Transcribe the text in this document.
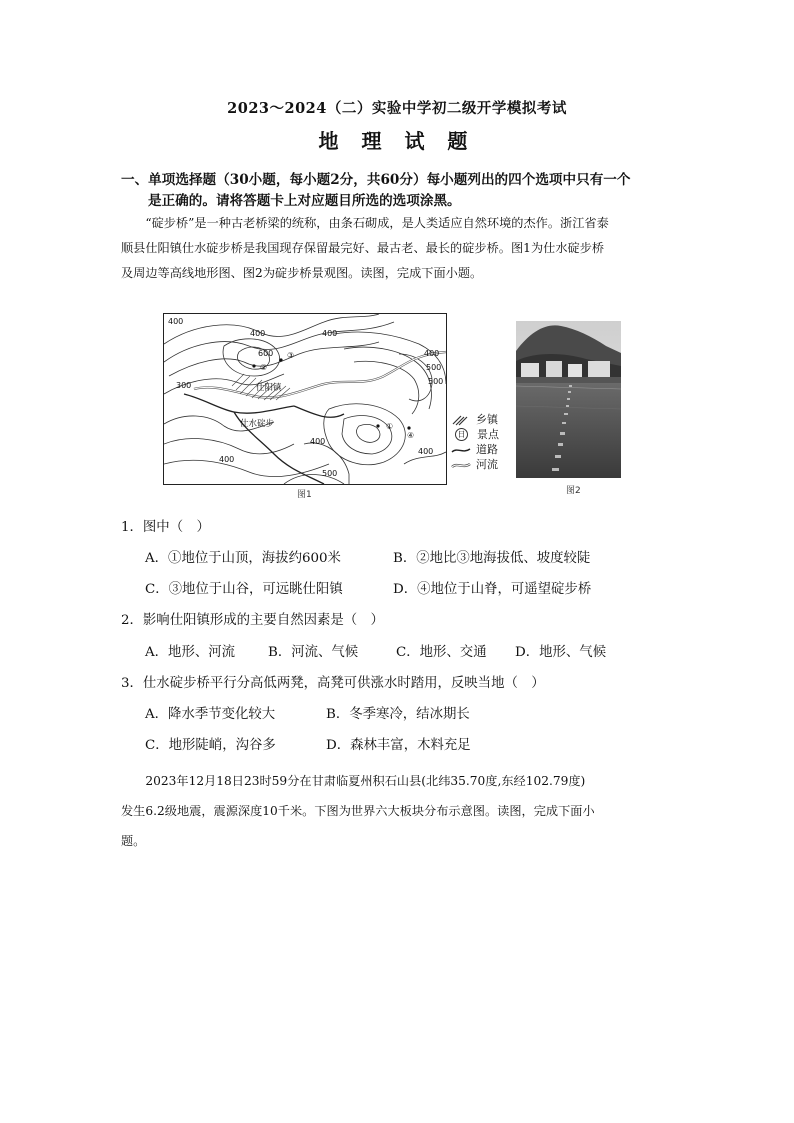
2023～2024（二）实验中学初二级开学模拟考试
地 理 试 题
一、单项选择题（30小题，每小题2分，共60分）每小题列出的四个选项中只有一个
是正确的。请将答题卡上对应题目所选的选项涂黑。
“碇步桥”是一种古老桥梁的统称，由条石砌成，是人类适应自然环境的杰作。浙江省泰
顺县仕阳镇仕水碇步桥是我国现存保留最完好、最古老、最长的碇步桥。图1为仕水碇步桥
及周边等高线地形图、图2为碇步桥景观图。读图，完成下面小题。
400
400
600	400
500
500
300
400
400
400
500
400
仕阳镇
仕水碇步	①
②
③
④
图1
乡镇
日 景点
道路
河流
图2
1．图中（　）
A．①地位于山顶，海拔约600米	B．②地比③地海拔低、坡度较陡
C．③地位于山谷，可远眺仕阳镇	D．④地位于山脊，可遥望碇步桥
2．影响仕阳镇形成的主要自然因素是（　）
A．地形、河流 B．河流、气候	C．地形、交通 D．地形、气候
3．仕水碇步桥平行分高低两凳，高凳可供涨水时踏用，反映当地（　）
A．降水季节变化较大	B．冬季寒冷，结冰期长
C．地形陡峭，沟谷多	D．森林丰富，木料充足
2023年12月18日23时59分在甘肃临夏州积石山县(北纬35.70度,东经102.79度)
发生6.2级地震，震源深度10千米。下图为世界六大板块分布示意图。读图，完成下面小
题。
